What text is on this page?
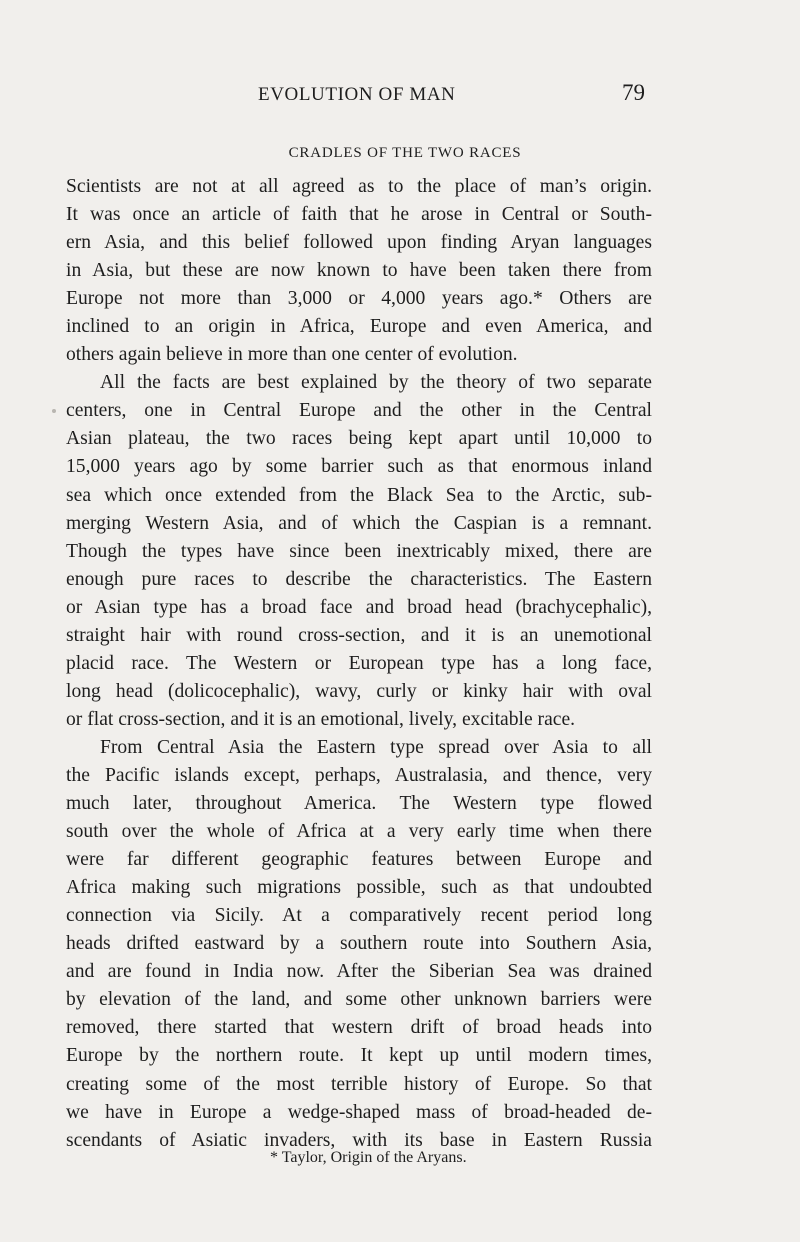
EVOLUTION OF MAN	79
CRADLES OF THE TWO RACES
Scientists are not at all agreed as to the place of man’s origin.
It was once an article of faith that he arose in Central or South-
ern Asia, and this belief followed upon finding Aryan languages
in Asia, but these are now known to have been taken there from
Europe not more than 3,000 or 4,000 years ago.* Others are
inclined to an origin in Africa, Europe and even America, and
others again believe in more than one center of evolution.
All the facts are best explained by the theory of two separate
centers, one in Central Europe and the other in the Central
Asian plateau, the two races being kept apart until 10,000 to
15,000 years ago by some barrier such as that enormous inland
sea which once extended from the Black Sea to the Arctic, sub-
merging Western Asia, and of which the Caspian is a remnant.
Though the types have since been inextricably mixed, there are
enough pure races to describe the characteristics. The Eastern
or Asian type has a broad face and broad head (brachycephalic),
straight hair with round cross-section, and it is an unemotional
placid race. The Western or European type has a long face,
long head (dolicocephalic), wavy, curly or kinky hair with oval
or flat cross-section, and it is an emotional, lively, excitable race.
From Central Asia the Eastern type spread over Asia to all
the Pacific islands except, perhaps, Australasia, and thence, very
much later, throughout America. The Western type flowed
south over the whole of Africa at a very early time when there
were far different geographic features between Europe and
Africa making such migrations possible, such as that undoubted
connection via Sicily. At a comparatively recent period long
heads drifted eastward by a southern route into Southern Asia,
and are found in India now. After the Siberian Sea was drained
by elevation of the land, and some other unknown barriers were
removed, there started that western drift of broad heads into
Europe by the northern route. It kept up until modern times,
creating some of the most terrible history of Europe. So that
we have in Europe a wedge-shaped mass of broad-headed de-
scendants of Asiatic invaders, with its base in Eastern Russia
* Taylor, Origin of the Aryans.
